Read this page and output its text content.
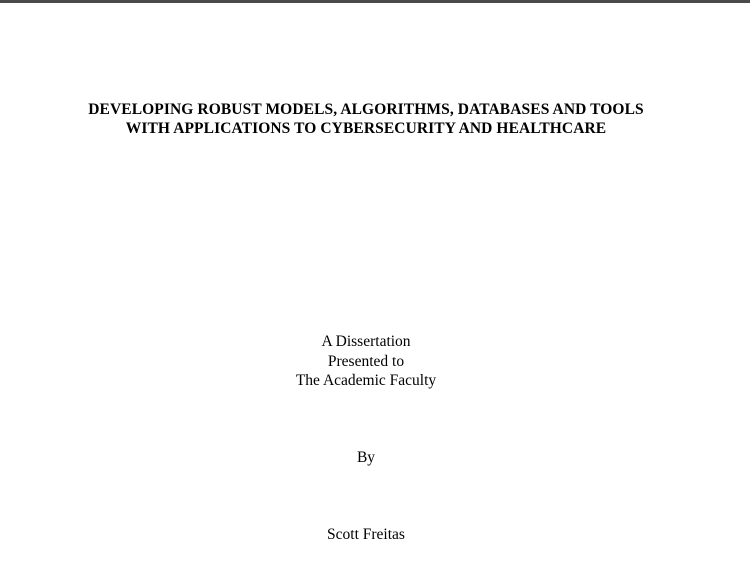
DEVELOPING ROBUST MODELS, ALGORITHMS, DATABASES AND TOOLS
WITH APPLICATIONS TO CYBERSECURITY AND HEALTHCARE
A Dissertation
Presented to
The Academic Faculty
By
Scott Freitas
